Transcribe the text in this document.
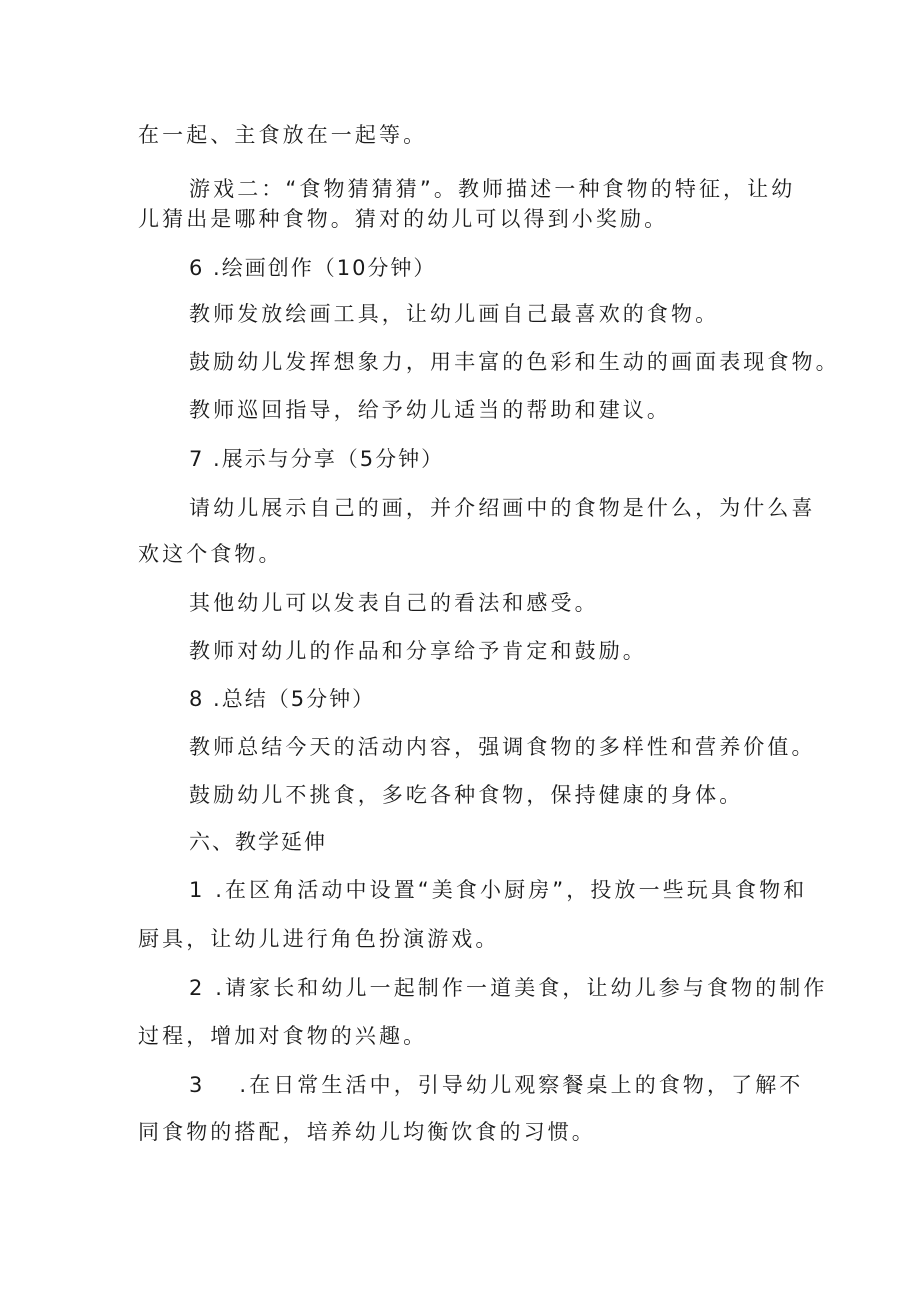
在一起、主食放在一起等。
游戏二：“食物猜猜猜”。教师描述一种食物的特征，让幼
儿猜出是哪种食物。猜对的幼儿可以得到小奖励。
6 .绘画创作（10分钟）
教师发放绘画工具，让幼儿画自己最喜欢的食物。
鼓励幼儿发挥想象力，用丰富的色彩和生动的画面表现食物。
教师巡回指导，给予幼儿适当的帮助和建议。
7 .展示与分享（5分钟）
请幼儿展示自己的画，并介绍画中的食物是什么，为什么喜
欢这个食物。
其他幼儿可以发表自己的看法和感受。
教师对幼儿的作品和分享给予肯定和鼓励。
8 .总结（5分钟）
教师总结今天的活动内容，强调食物的多样性和营养价值。
鼓励幼儿不挑食，多吃各种食物，保持健康的身体。
六、教学延伸
1 .在区角活动中设置“美食小厨房”，投放一些玩具食物和
厨具，让幼儿进行角色扮演游戏。
2 .请家长和幼儿一起制作一道美食，让幼儿参与食物的制作
过程，增加对食物的兴趣。
3　 .在日常生活中，引导幼儿观察餐桌上的食物，了解不
同食物的搭配，培养幼儿均衡饮食的习惯。
